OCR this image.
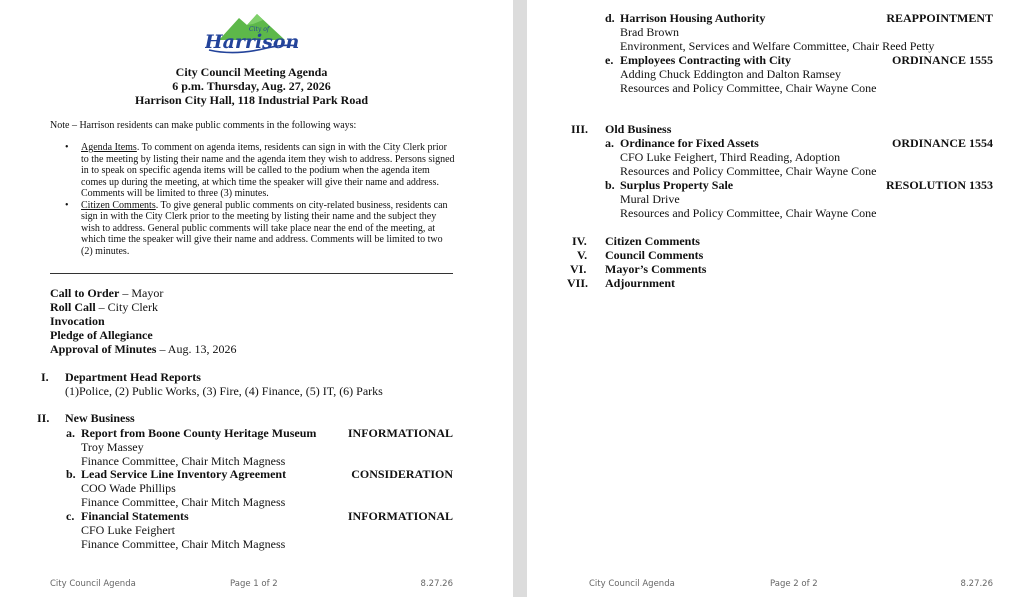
City of
Harrison
City Council Meeting Agenda
6 p.m. Thursday, Aug. 27, 2026
Harrison City Hall, 118 Industrial Park Road
Note – Harrison residents can make public comments in the following ways:
• Agenda Items. To comment on agenda items, residents can sign in with the City Clerk prior to the meeting by listing their name and the agenda item they wish to address. Persons signed in to speak on specific agenda items will be called to the podium when the agenda item comes up during the meeting, at which time the speaker will give their name and address. Comments will be limited to three (3) minutes.
• Citizen Comments. To give general public comments on city-related business, residents can sign in with the City Clerk prior to the meeting by listing their name and the subject they wish to address. General public comments will take place near the end of the meeting, at which time the speaker will give their name and address. Comments will be limited to two (2) minutes.
Call to Order – Mayor
Roll Call – City Clerk
Invocation
Pledge of Allegiance
Approval of Minutes – Aug. 13, 2026
I. Department Head Reports
(1)Police, (2) Public Works, (3) Fire, (4) Finance, (5) IT, (6) Parks
II. New Business
a. Report from Boone County Heritage Museum	INFORMATIONAL
Troy Massey
Finance Committee, Chair Mitch Magness
b. Lead Service Line Inventory Agreement	CONSIDERATION
COO Wade Phillips
Finance Committee, Chair Mitch Magness
c. Financial Statements	INFORMATIONAL
CFO Luke Feighert
Finance Committee, Chair Mitch Magness
City Council Agenda	Page 1 of 2	8.27.26
d. Harrison Housing Authority	REAPPOINTMENT
Brad Brown
Environment, Services and Welfare Committee, Chair Reed Petty
e. Employees Contracting with City	ORDINANCE 1555
Adding Chuck Eddington and Dalton Ramsey
Resources and Policy Committee, Chair Wayne Cone
III. Old Business
a. Ordinance for Fixed Assets	ORDINANCE 1554
CFO Luke Feighert, Third Reading, Adoption
Resources and Policy Committee, Chair Wayne Cone
b. Surplus Property Sale	RESOLUTION 1353
Mural Drive
Resources and Policy Committee, Chair Wayne Cone
IV. Citizen Comments
V. Council Comments
VI. Mayor’s Comments
VII. Adjournment
City Council Agenda	Page 2 of 2	8.27.26
